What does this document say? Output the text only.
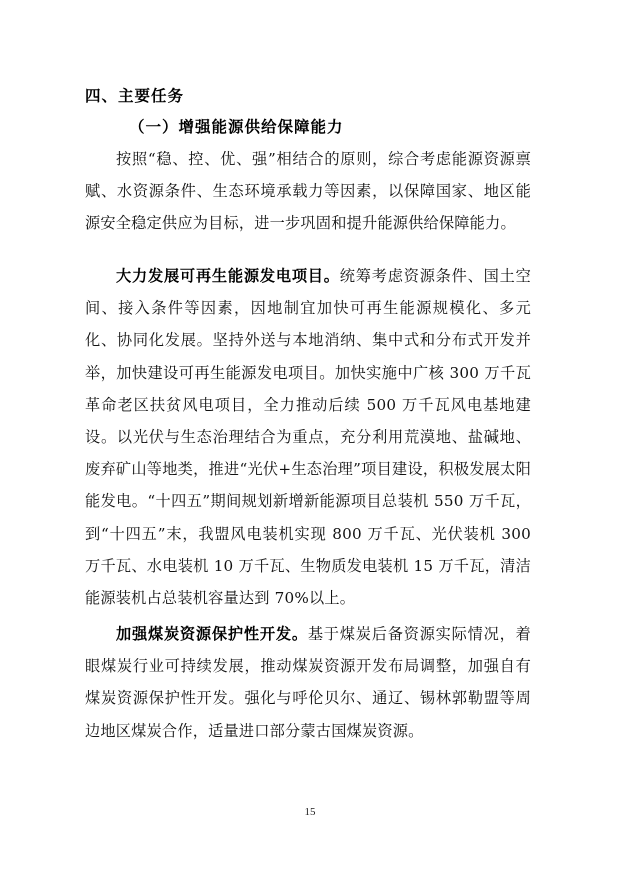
四、主要任务
（一）增强能源供给保障能力
按照“稳、控、优、强”相结合的原则，综合考虑能源资源禀赋、水资源条件、生态环境承载力等因素，以保障国家、地区能源安全稳定供应为目标，进一步巩固和提升能源供给保障能力。
大力发展可再生能源发电项目。统筹考虑资源条件、国土空间、接入条件等因素，因地制宜加快可再生能源规模化、多元化、协同化发展。坚持外送与本地消纳、集中式和分布式开发并举，加快建设可再生能源发电项目。加快实施中广核 300 万千瓦革命老区扶贫风电项目，全力推动后续 500 万千瓦风电基地建设。以光伏与生态治理结合为重点，充分利用荒漠地、盐碱地、废弃矿山等地类，推进“光伏+生态治理”项目建设，积极发展太阳能发电。“十四五”期间规划新增新能源项目总装机 550 万千瓦，到“十四五”末，我盟风电装机实现 800 万千瓦、光伏装机 300 万千瓦、水电装机 10 万千瓦、生物质发电装机 15 万千瓦，清洁能源装机占总装机容量达到 70%以上。
加强煤炭资源保护性开发。基于煤炭后备资源实际情况，着眼煤炭行业可持续发展，推动煤炭资源开发布局调整，加强自有煤炭资源保护性开发。强化与呼伦贝尔、通辽、锡林郭勒盟等周边地区煤炭合作，适量进口部分蒙古国煤炭资源。
15
